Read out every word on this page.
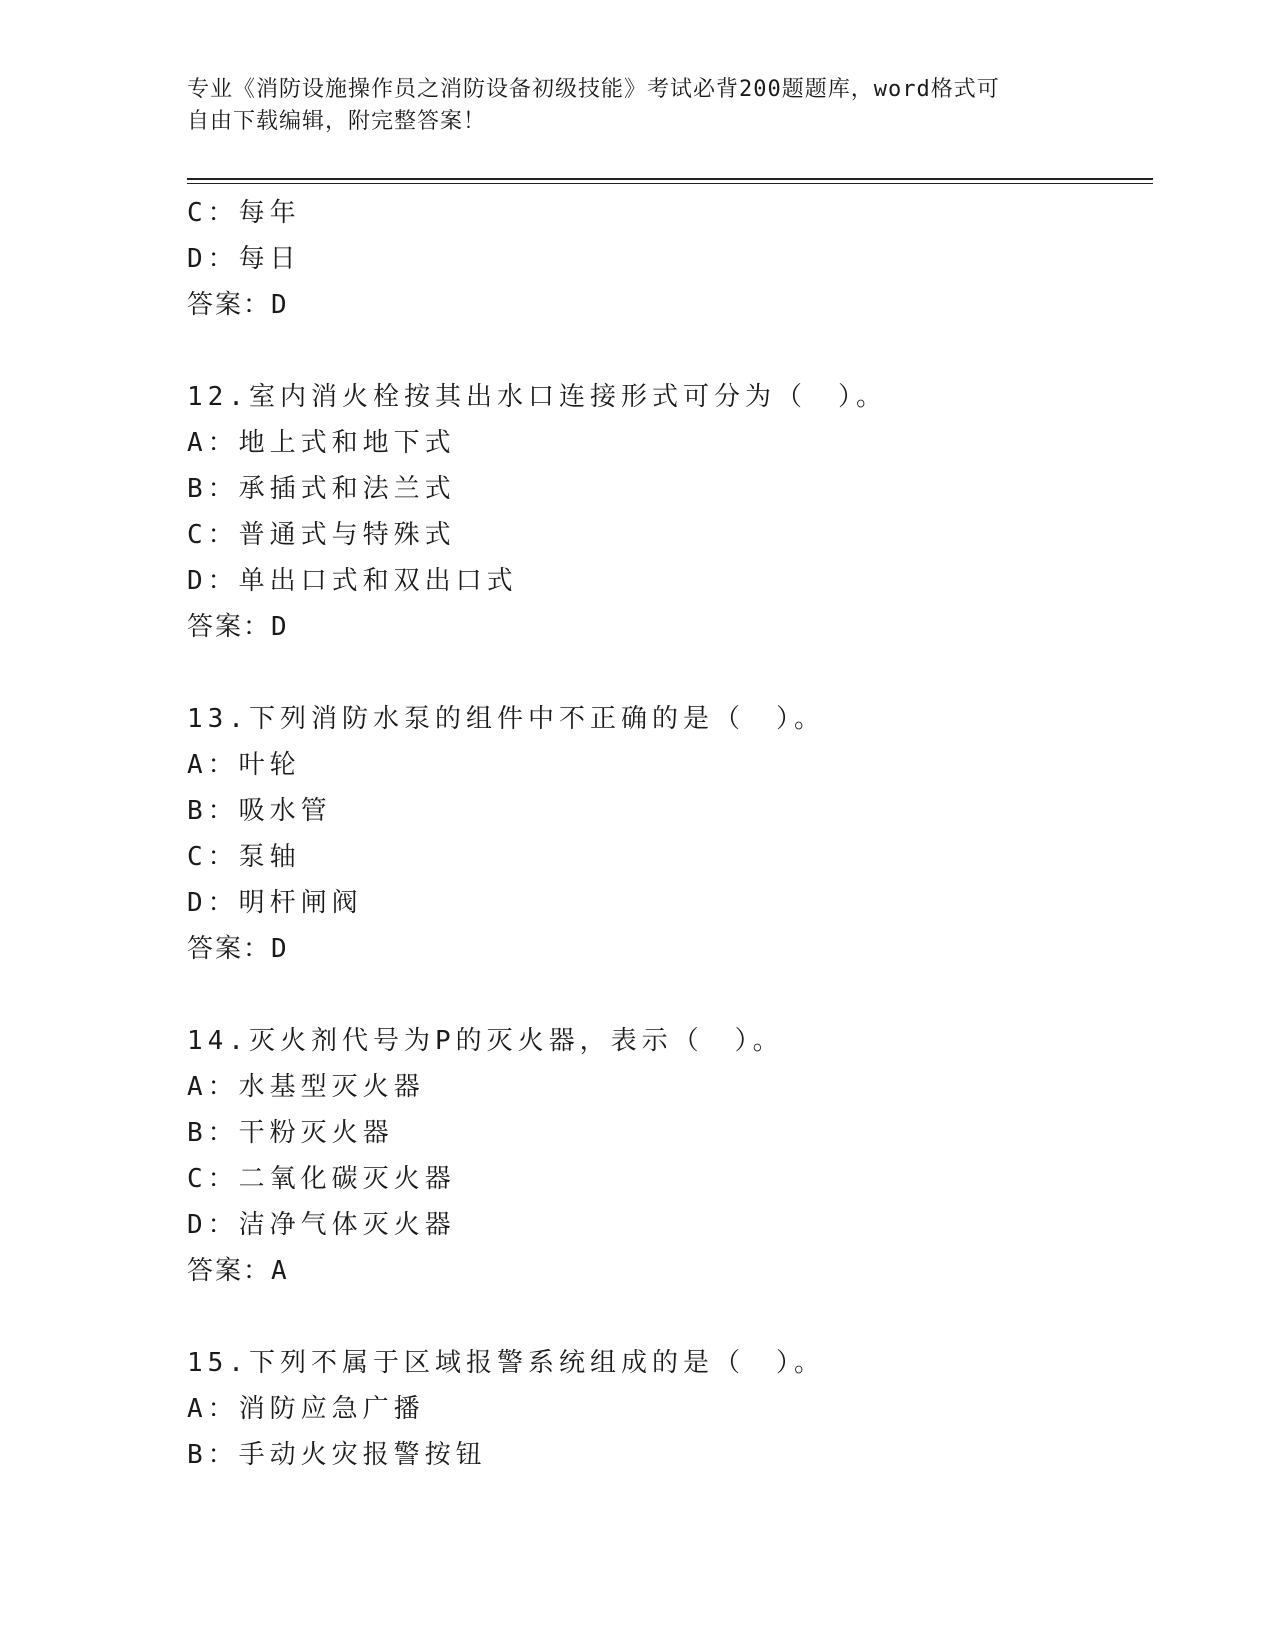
专业《消防设施操作员之消防设备初级技能》考试必背200题题库，word格式可
自由下载编辑，附完整答案！
C：每年
D：每日
答案：D
12.室内消火栓按其出水口连接形式可分为（　）。
A：地上式和地下式
B：承插式和法兰式
C：普通式与特殊式
D：单出口式和双出口式
答案：D
13.下列消防水泵的组件中不正确的是（　）。
A：叶轮
B：吸水管
C：泵轴
D：明杆闸阀
答案：D
14.灭火剂代号为P的灭火器，表示（　）。
A：水基型灭火器
B：干粉灭火器
C：二氧化碳灭火器
D：洁净气体灭火器
答案：A
15.下列不属于区域报警系统组成的是（　）。
A：消防应急广播
B：手动火灾报警按钮
